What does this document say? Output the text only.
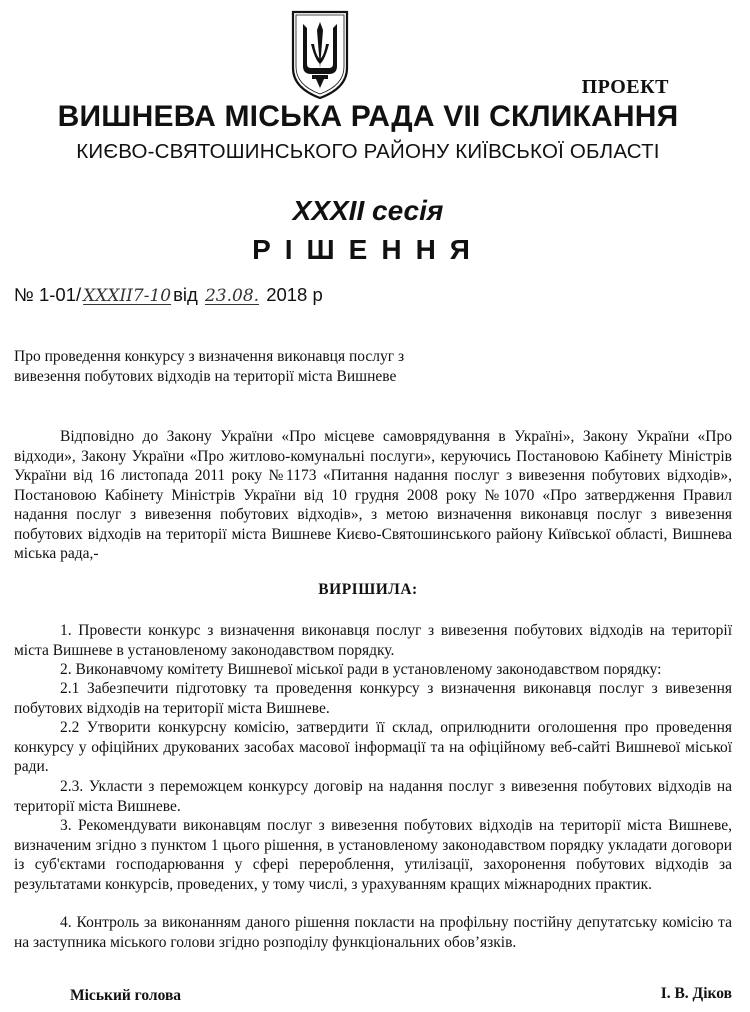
ПРОЕКТ
ВИШНЕВА МІСЬКА РАДА VII СКЛИКАННЯ
КИЄВО-СВЯТОШИНСЬКОГО РАЙОНУ КИЇВСЬКОЇ ОБЛАСТІ
XXXII сесія
РІШЕННЯ
№ 1-01/ XXXII7-10 від 23.08. 2018 р
Про проведення конкурсу з визначення виконавця послуг з вивезення побутових відходів на території міста Вишневе

Відповідно до Закону України «Про місцеве самоврядування в Україні», Закону України «Про відходи», Закону України «Про житлово-комунальні послуги», керуючись Постановою Кабінету Міністрів України від 16 листопада 2011 року №1173 «Питання надання послуг з вивезення побутових відходів», Постановою Кабінету Міністрів України від 10 грудня 2008 року №1070 «Про затвердження Правил надання послуг з вивезення побутових відходів», з метою визначення виконавця послуг з вивезення побутових відходів на території міста Вишневе Києво-Святошинського району Київської області, Вишнева міська рада,-

ВИРІШИЛА:

1. Провести конкурс з визначення виконавця послуг з вивезення побутових відходів на території міста Вишневе в установленому законодавством порядку.

2. Виконавчому комітету Вишневої міської ради в установленому законодавством порядку:

2.1 Забезпечити підготовку та проведення конкурсу з визначення виконавця послуг з вивезення побутових відходів на території міста Вишневе.

2.2 Утворити конкурсну комісію, затвердити її склад, оприлюднити оголошення про проведення конкурсу у офіційних друкованих засобах масової інформації та на офіційному веб-сайті Вишневої міської ради.

2.3. Укласти з переможцем конкурсу договір на надання послуг з вивезення побутових відходів на території міста Вишневе.

3. Рекомендувати виконавцям послуг з вивезення побутових відходів на території міста Вишневе, визначеним згідно з пунктом 1 цього рішення, в установленому законодавством порядку укладати договори із суб'єктами господарювання у сфері перероблення, утилізації, захоронення побутових відходів за результатами конкурсів, проведених, у тому числі, з урахуванням кращих міжнародних практик.

4. Контроль за виконанням даного рішення покласти на профільну постійну депутатську комісію та на заступника міського голови згідно розподілу функціональних обов’язків.

Міський голова	І. В. Діков
